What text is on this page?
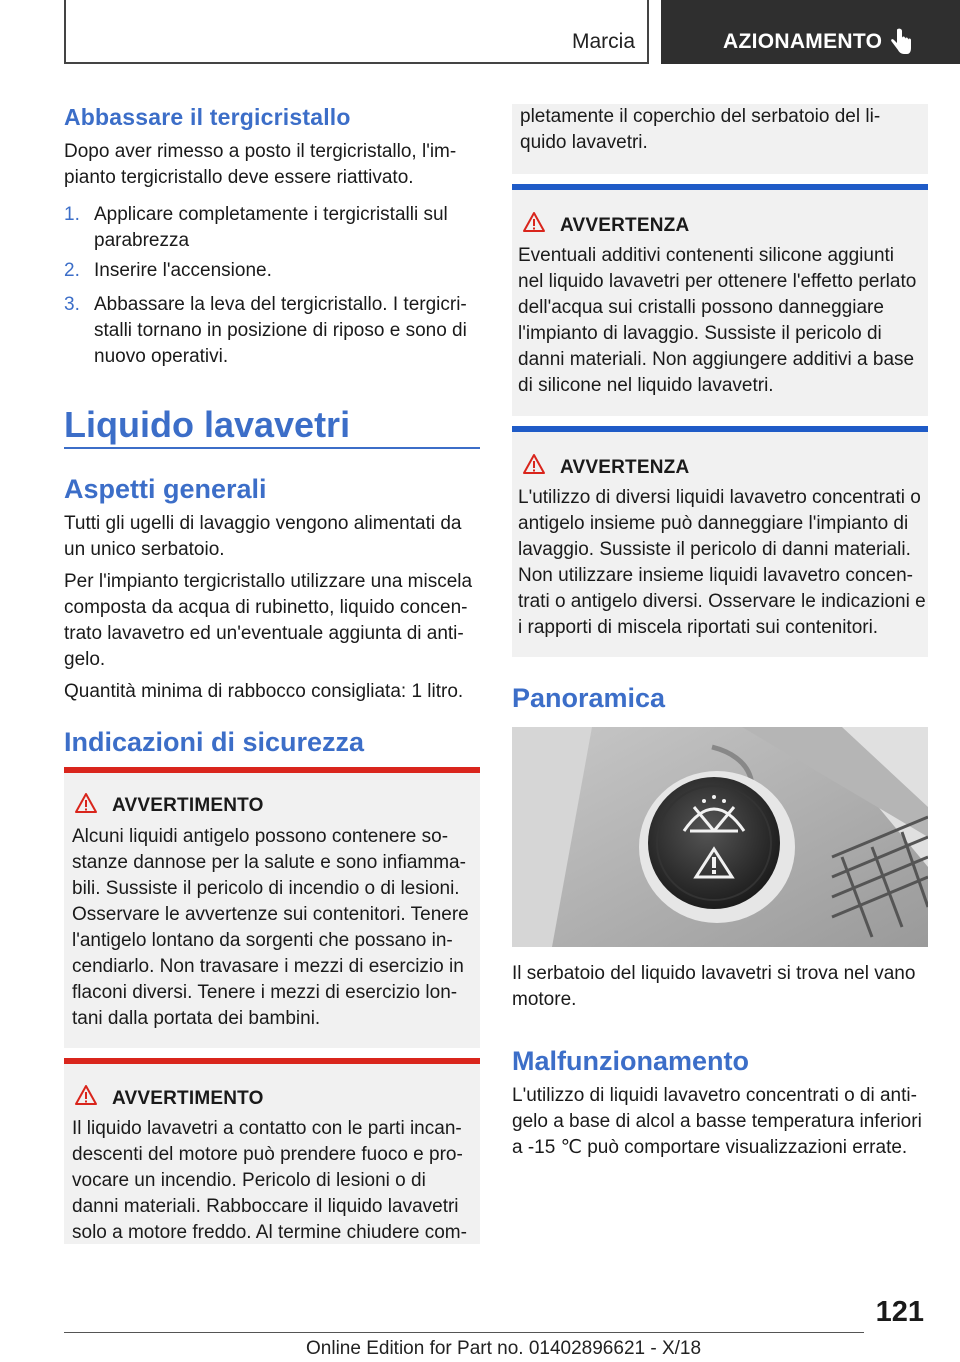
Marcia	AZIONAMENTO
Abbassare il tergicristallo

Dopo aver rimesso a posto il tergicristallo, l'im-

pianto tergicristallo deve essere riattivato.

1. Applicare completamente i tergicristalli sul

parabrezza

2. Inserire l'accensione.

3. Abbassare la leva del tergicristallo. I tergicri-

stalli tornano in posizione di riposo e sono di

nuovo operativi.

Liquido lavavetri
Aspetti generali

Tutti gli ugelli di lavaggio vengono alimentati da

un unico serbatoio.

Per l'impianto tergicristallo utilizzare una miscela

composta da acqua di rubinetto, liquido concen-

trato lavavetro ed un'eventuale aggiunta di anti-

gelo.

Quantità minima di rabbocco consigliata: 1 litro.

Indicazioni di sicurezza
AVVERTIMENTO

Alcuni liquidi antigelo possono contenere so-

stanze dannose per la salute e sono infiamma-

bili. Sussiste il pericolo di incendio o di lesioni.

Osservare le avvertenze sui contenitori. Tenere

l'antigelo lontano da sorgenti che possano in-

cendiarlo. Non travasare i mezzi di esercizio in

flaconi diversi. Tenere i mezzi di esercizio lon-

tani dalla portata dei bambini.

AVVERTIMENTO

Il liquido lavavetri a contatto con le parti incan-

descenti del motore può prendere fuoco e pro-

vocare un incendio. Pericolo di lesioni o di

danni materiali. Rabboccare il liquido lavavetri

solo a motore freddo. Al termine chiudere com-

pletamente il coperchio del serbatoio del li-

quido lavavetri.

AVVERTENZA

Eventuali additivi contenenti silicone aggiunti

nel liquido lavavetri per ottenere l'effetto perlato

dell'acqua sui cristalli possono danneggiare

l'impianto di lavaggio. Sussiste il pericolo di

danni materiali. Non aggiungere additivi a base

di silicone nel liquido lavavetri.

AVVERTENZA

L'utilizzo di diversi liquidi lavavetro concentrati o

antigelo insieme può danneggiare l'impianto di

lavaggio. Sussiste il pericolo di danni materiali.

Non utilizzare insieme liquidi lavavetro concen-

trati o antigelo diversi. Osservare le indicazioni e

i rapporti di miscela riportati sui contenitori.

Panoramica

Il serbatoio del liquido lavavetri si trova nel vano

motore.

Malfunzionamento

L'utilizzo di liquidi lavavetro concentrati o di anti-

gelo a base di alcol a basse temperatura inferiori

a -15 ℃ può comportare visualizzazioni errate.

121
Online Edition for Part no. 01402896621 - X/18
